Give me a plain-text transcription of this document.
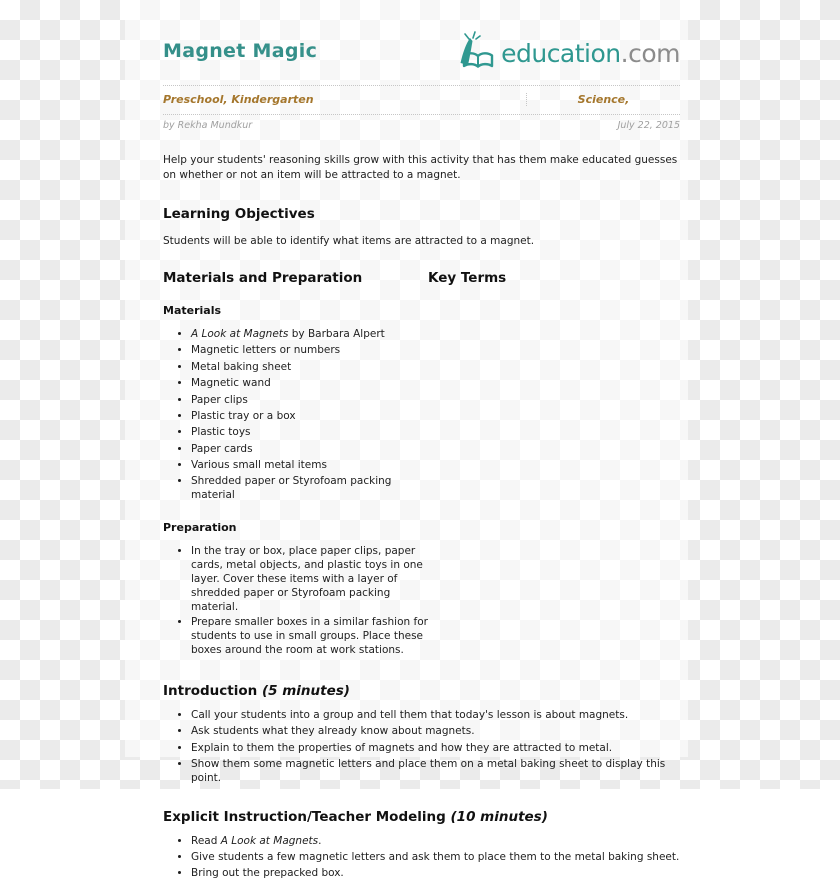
Magnet Magic	education.com
Preschool, Kindergarten	Science,
by Rekha Mundkur	July 22, 2015

Help your students' reasoning skills grow with this activity that has them make educated guesses on whether or not an item will be attracted to a magnet.

Learning Objectives

Students will be able to identify what items are attracted to a magnet.

Materials and Preparation
Materials
• A Look at Magnets by Barbara Alpert
• Magnetic letters or numbers
• Metal baking sheet
• Magnetic wand
• Paper clips
• Plastic tray or a box
• Plastic toys
• Paper cards
• Various small metal items
• Shredded paper or Styrofoam packing material
Preparation
• In the tray or box, place paper clips, paper cards, metal objects, and plastic toys in one layer. Cover these items with a layer of shredded paper or Styrofoam packing material.
• Prepare smaller boxes in a similar fashion for students to use in small groups. Place these boxes around the room at work stations.
Key Terms
Introduction (5 minutes)
• Call your students into a group and tell them that today's lesson is about magnets.
• Ask students what they already know about magnets.
• Explain to them the properties of magnets and how they are attracted to metal.
• Show them some magnetic letters and place them on a metal baking sheet to display this point.
Explicit Instruction/Teacher Modeling (10 minutes)
• Read A Look at Magnets.
• Give students a few magnetic letters and ask them to place them to the metal baking sheet.
• Bring out the prepacked box.
